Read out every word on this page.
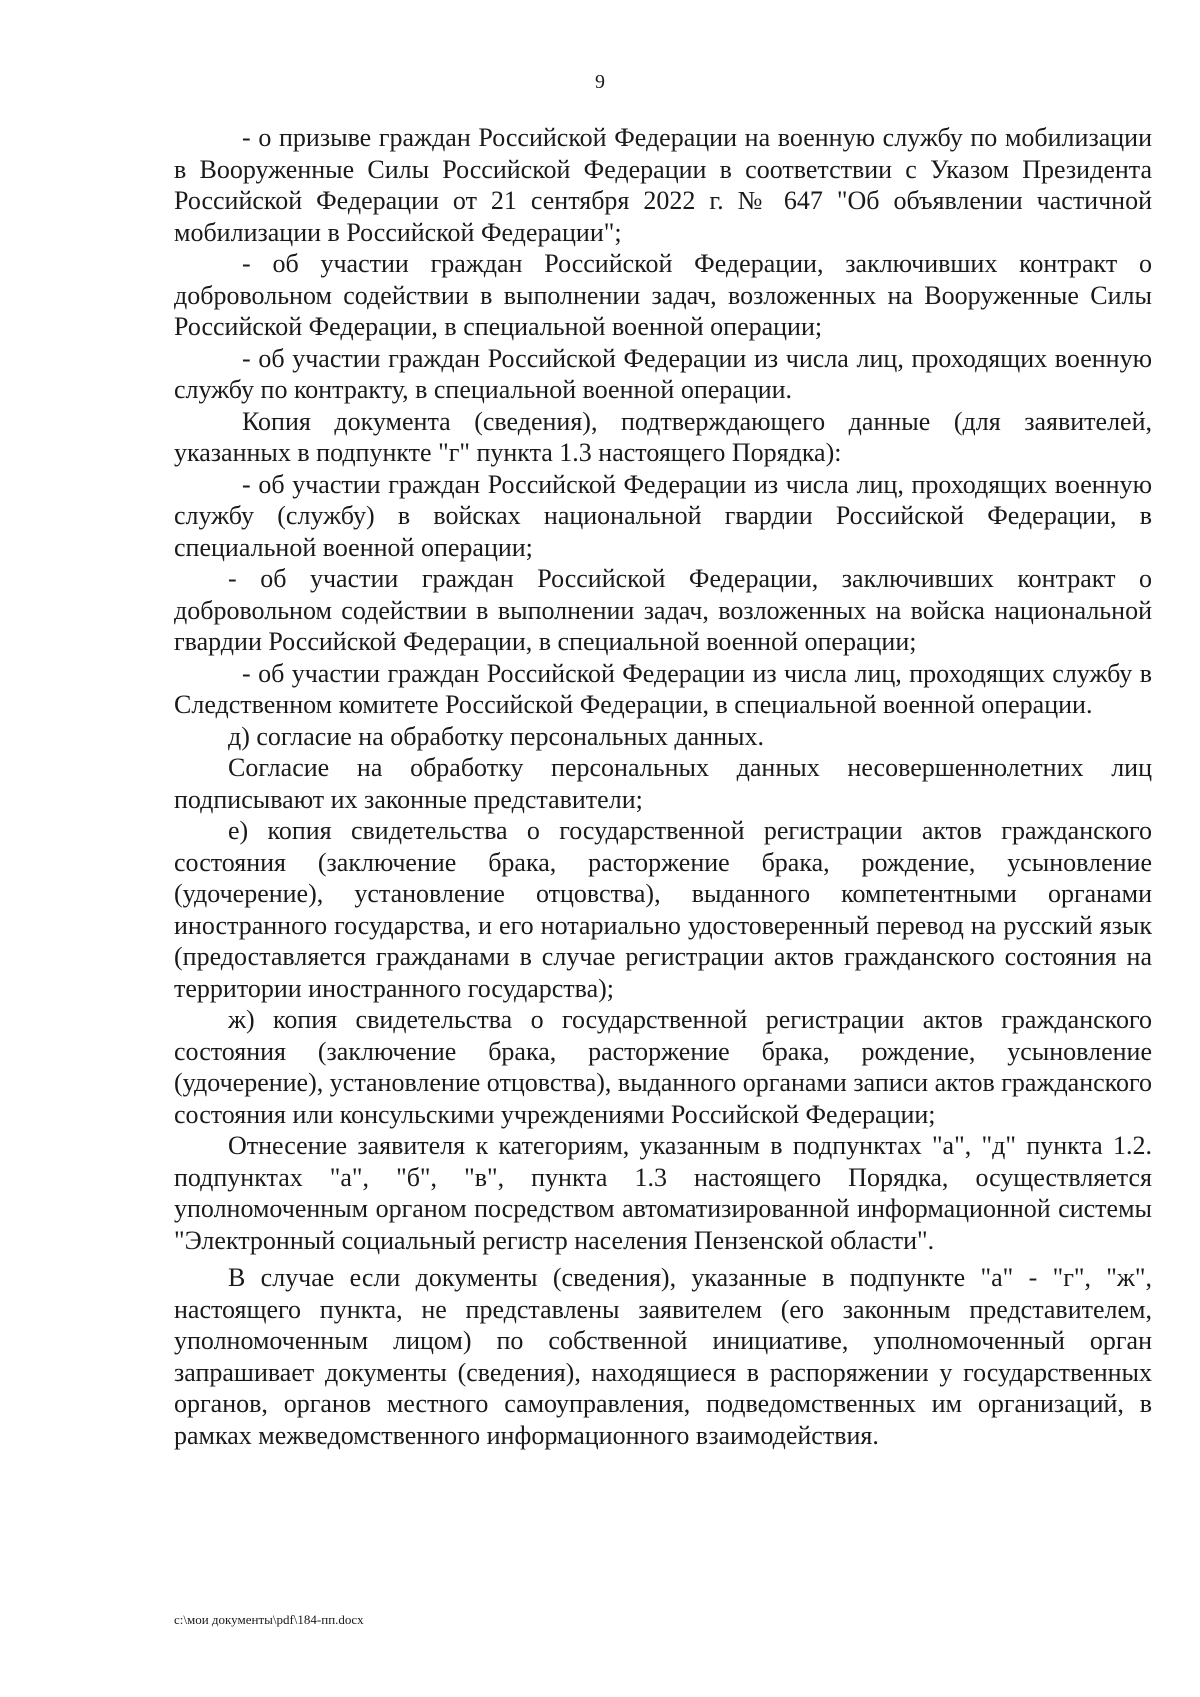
9

- о призыве граждан Российской Федерации на военную службу по мобилизации в Вооруженные Силы Российской Федерации в соответствии с Указом Президента Российской Федерации от 21 сентября 2022 г. № 647 "Об объявлении частичной мобилизации в Российской Федерации";

- об участии граждан Российской Федерации, заключивших контракт о добровольном содействии в выполнении задач, возложенных на Вооруженные Силы Российской Федерации, в специальной военной операции;

- об участии граждан Российской Федерации из числа лиц, проходящих военную службу по контракту, в специальной военной операции.

Копия документа (сведения), подтверждающего данные (для заявителей, указанных в подпункте "г" пункта 1.3 настоящего Порядка):

- об участии граждан Российской Федерации из числа лиц, проходящих военную службу (службу) в войсках национальной гвардии Российской Федерации, в специальной военной операции;

- об участии граждан Российской Федерации, заключивших контракт о добровольном содействии в выполнении задач, возложенных на войска национальной гвардии Российской Федерации, в специальной военной операции;

- об участии граждан Российской Федерации из числа лиц, проходящих службу в Следственном комитете Российской Федерации, в специальной военной операции.

д) согласие на обработку персональных данных.

Согласие на обработку персональных данных несовершеннолетних лиц подписывают их законные представители;

е) копия свидетельства о государственной регистрации актов гражданского состояния (заключение брака, расторжение брака, рождение, усыновление (удочерение), установление отцовства), выданного компетентными органами иностранного государства, и его нотариально удостоверенный перевод на русский язык (предоставляется гражданами в случае регистрации актов гражданского состояния на территории иностранного государства);

ж) копия свидетельства о государственной регистрации актов гражданского состояния (заключение брака, расторжение брака, рождение, усыновление (удочерение), установление отцовства), выданного органами записи актов гражданского состояния или консульскими учреждениями Российской Федерации;

Отнесение заявителя к категориям, указанным в подпунктах "а", "д" пункта 1.2. подпунктах "а", "б", "в", пункта 1.3 настоящего Порядка, осуществляется уполномоченным органом посредством автоматизированной информационной системы "Электронный социальный регистр населения Пензенской области".

В случае если документы (сведения), указанные в подпункте "а" - "г", "ж", настоящего пункта, не представлены заявителем (его законным представителем, уполномоченным лицом) по собственной инициативе, уполномоченный орган запрашивает документы (сведения), находящиеся в распоряжении у государственных органов, органов местного самоуправления, подведомственных им организаций, в рамках межведомственного информационного взаимодействия.

c:\мои документы\pdf\184-пп.docx
